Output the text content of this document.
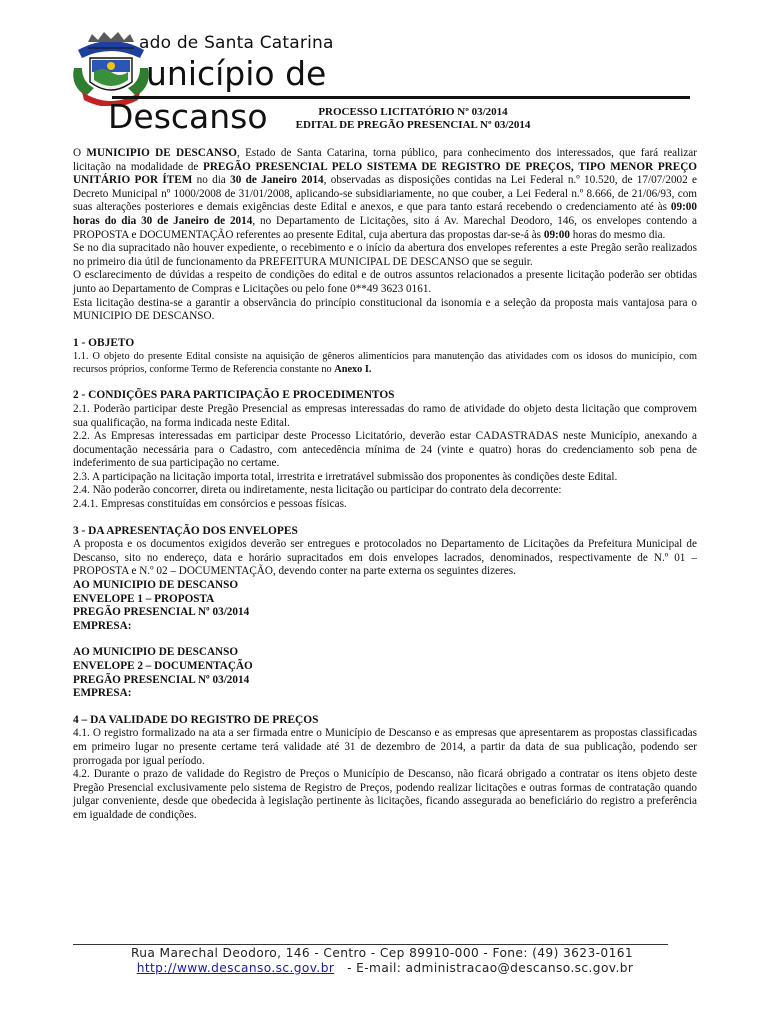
ado de Santa Catarina
unicípio de
Descanso	PROCESSO LICITATÓRIO Nº 03/2014
EDITAL DE PREGÃO PRESENCIAL Nº 03/2014

O MUNICIPIO DE DESCANSO, Estado de Santa Catarina, torna público, para conhecimento dos interessados, que fará realizar licitação na modalidade de PREGÃO PRESENCIAL PELO SISTEMA DE REGISTRO DE PREÇOS, TIPO MENOR PREÇO UNITÁRIO POR ÍTEM no dia 30 de Janeiro 2014, observadas as disposições contidas na Lei Federal n.º 10.520, de 17/07/2002 e Decreto Municipal nº 1000/2008 de 31/01/2008, aplicando-se subsidiariamente, no que couber, a Lei Federal n.º 8.666, de 21/06/93, com suas alterações posteriores e demais exigências deste Edital e anexos, e que para tanto estará recebendo o credenciamento até às 09:00 horas do dia 30 de Janeiro de 2014, no Departamento de Licitações, sito á Av. Marechal Deodoro, 146, os envelopes contendo a PROPOSTA e DOCUMENTAÇÃO referentes ao presente Edital, cuja abertura das propostas dar-se-á às 09:00 horas do mesmo dia.

Se no dia supracitado não houver expediente, o recebimento e o início da abertura dos envelopes referentes a este Pregão serão realizados no primeiro dia útil de funcionamento da PREFEITURA MUNICIPAL DE DESCANSO que se seguir.

O esclarecimento de dúvidas a respeito de condições do edital e de outros assuntos relacionados a presente licitação poderão ser obtidas junto ao Departamento de Compras e Licitações ou pelo fone 0**49 3623 0161.

Esta licitação destina-se a garantir a observância do princípio constitucional da isonomia e a seleção da proposta mais vantajosa para o MUNICIPIO DE DESCANSO.

1 - OBJETO

1.1. O objeto do presente Edital consiste na aquisição de gêneros alimentícios para manutenção das atividades com os idosos do município, com recursos próprios, conforme Termo de Referencia constante no Anexo I.

2 - CONDIÇÕES PARA PARTICIPAÇÃO E PROCEDIMENTOS

2.1. Poderão participar deste Pregão Presencial as empresas interessadas do ramo de atividade do objeto desta licitação que comprovem sua qualificação, na forma indicada neste Edital.

2.2. As Empresas interessadas em participar deste Processo Licitatório, deverão estar CADASTRADAS neste Município, anexando a documentação necessária para o Cadastro, com antecedência mínima de 24 (vinte e quatro) horas do credenciamento sob pena de indeferimento de sua participação no certame.

2.3. A participação na licitação importa total, irrestrita e irretratável submissão dos proponentes às condições deste Edital.

2.4. Não poderão concorrer, direta ou indiretamente, nesta licitação ou participar do contrato dela decorrente:

2.4.1. Empresas constituídas em consórcios e pessoas físicas.

3 - DA APRESENTAÇÃO DOS ENVELOPES

A proposta e os documentos exigidos deverão ser entregues e protocolados no Departamento de Licitações da Prefeitura Municipal de Descanso, sito no endereço, data e horário supracitados em dois envelopes lacrados, denominados, respectivamente de N.º 01 – PROPOSTA e N.º 02 – DOCUMENTAÇÃO, devendo conter na parte externa os seguintes dizeres.

AO MUNICIPIO DE DESCANSO
ENVELOPE 1 – PROPOSTA
PREGÃO PRESENCIAL Nº 03/2014
EMPRESA:
AO MUNICIPIO DE DESCANSO
ENVELOPE 2 – DOCUMENTAÇÃO
PREGÃO PRESENCIAL Nº 03/2014
EMPRESA:
4 – DA VALIDADE DO REGISTRO DE PREÇOS

4.1. O registro formalizado na ata a ser firmada entre o Município de Descanso e as empresas que apresentarem as propostas classificadas em primeiro lugar no presente certame terá validade até 31 de dezembro de 2014, a partir da data de sua publicação, podendo ser prorrogada por igual período.

4.2. Durante o prazo de validade do Registro de Preços o Município de Descanso, não ficará obrigado a contratar os itens objeto deste Pregão Presencial exclusivamente pelo sistema de Registro de Preços, podendo realizar licitações e outras formas de contratação quando julgar conveniente, desde que obedecida à legislação pertinente às licitações, ficando assegurada ao beneficiário do registro a preferência em igualdade de condições.

Rua Marechal Deodoro, 146 - Centro - Cep 89910-000 - Fone: (49) 3623-0161
http://www.descanso.sc.gov.br - E-mail: administracao@descanso.sc.gov.br
